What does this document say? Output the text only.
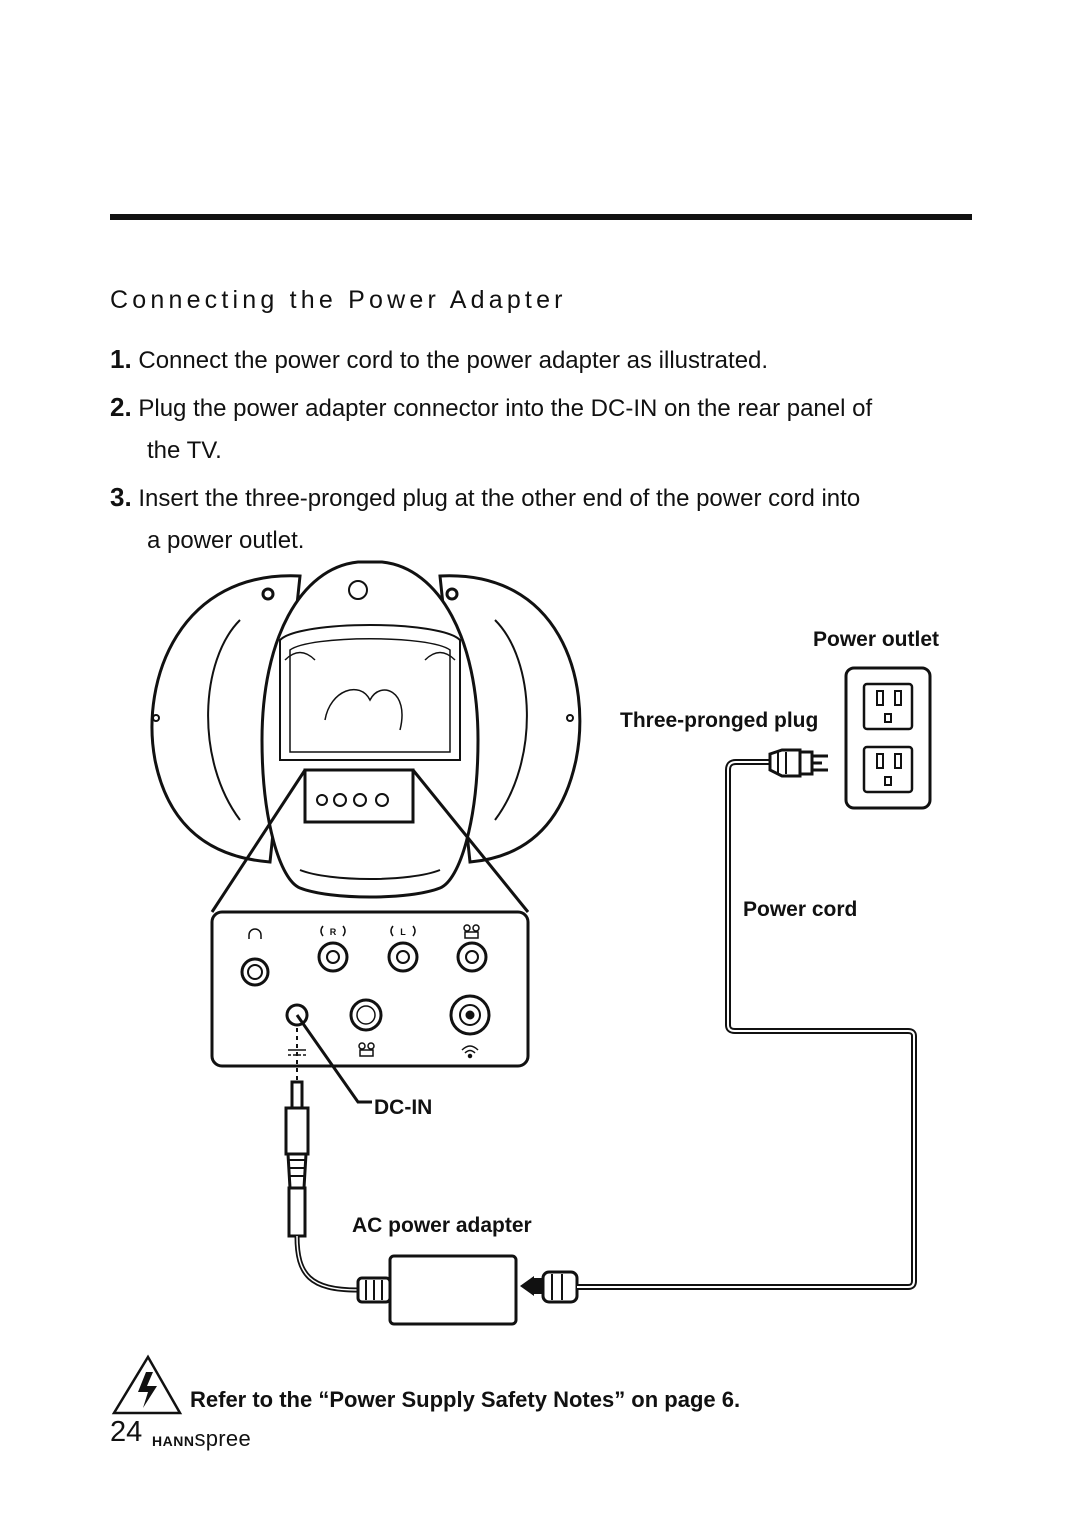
Connecting the Power Adapter
1. Connect the power cord to the power adapter as illustrated.
2. Plug the power adapter connector into the DC-IN on the rear panel of
the TV.
3. Insert the three-pronged plug at the other end of the power cord into
a power outlet.
R	L
Power outlet
Three-pronged plug
Power cord
DC-IN
AC power adapter
Refer to the “Power Supply Safety Notes” on page 6.
24 HANNspree
